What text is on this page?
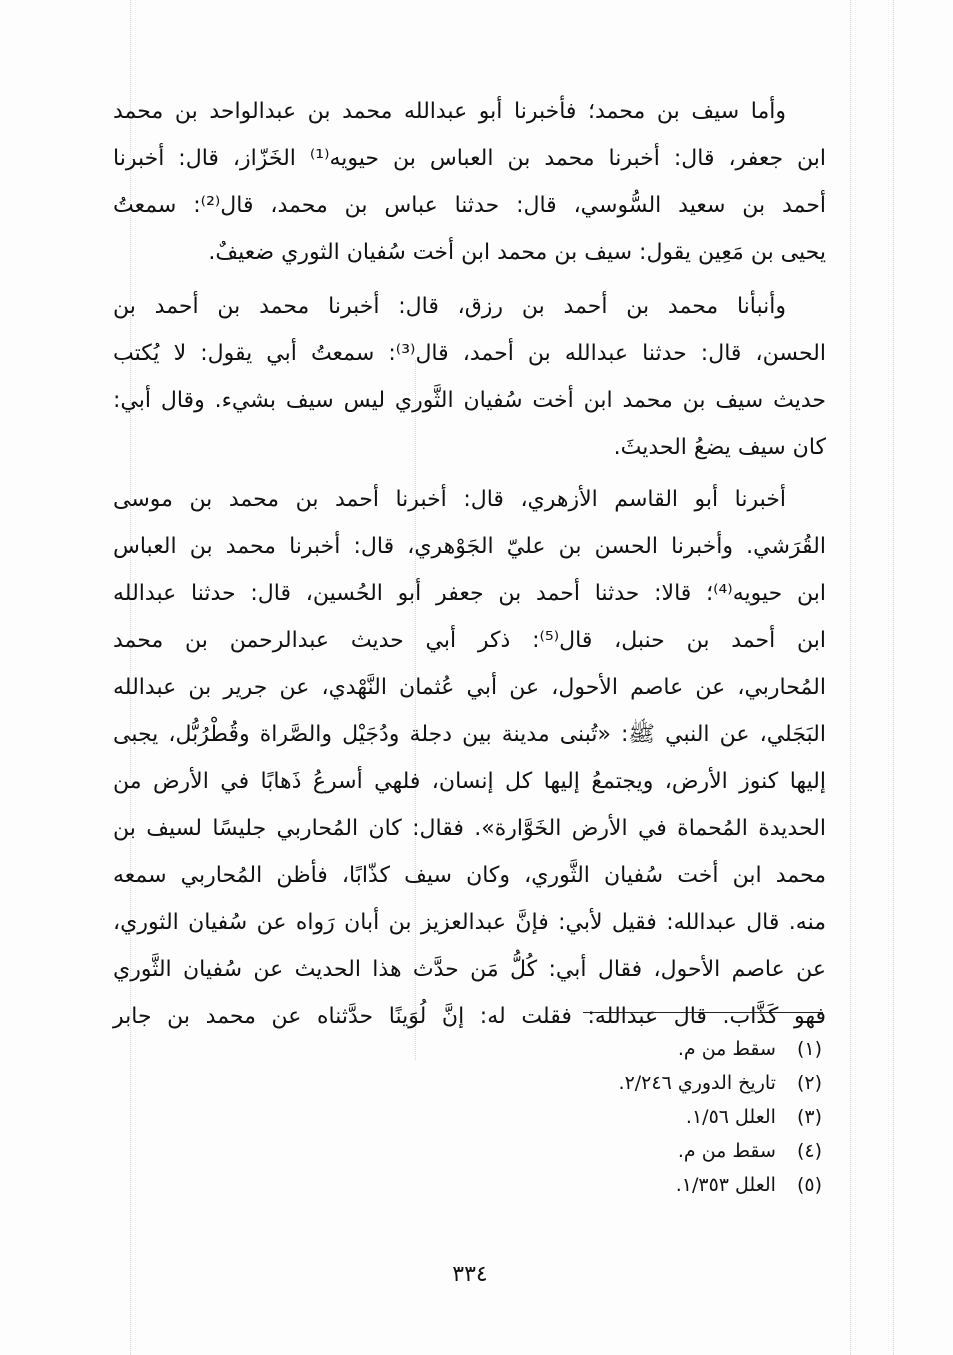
وأما سيف بن محمد؛ فأخبرنا أبو عبدالله محمد بن عبدالواحد بن محمد
ابن جعفر، قال: أخبرنا محمد بن العباس بن حيويه⁽¹⁾ الخَزّاز، قال: أخبرنا
أحمد بن سعيد السُّوسي، قال: حدثنا عباس بن محمد، قال⁽²⁾: سمعتُ
يحيى بن مَعِين يقول: سيف بن محمد ابن أخت سُفيان الثوري ضعيفٌ.
وأنبأنا محمد بن أحمد بن رزق، قال: أخبرنا محمد بن أحمد بن
الحسن، قال: حدثنا عبدالله بن أحمد، قال⁽³⁾: سمعتُ أبي يقول: لا يُكتب
حديث سيف بن محمد ابن أخت سُفيان الثَّوري ليس سيف بشيء. وقال أبي:
كان سيف يضعُ الحديثَ.
أخبرنا أبو القاسم الأزهري، قال: أخبرنا أحمد بن محمد بن موسى
القُرَشي. وأخبرنا الحسن بن عليّ الجَوْهري، قال: أخبرنا محمد بن العباس
ابن حيويه⁽⁴⁾؛ قالا: حدثنا أحمد بن جعفر أبو الحُسين، قال: حدثنا عبدالله
ابن أحمد بن حنبل، قال⁽⁵⁾: ذكر أبي حديث عبدالرحمن بن محمد
المُحاربي، عن عاصم الأحول، عن أبي عُثمان النَّهْدي، عن جرير بن عبدالله
البَجَلي، عن النبي ﷺ: «تُبنى مدينة بين دجلة ودُجَيْل والصَّراة وقُطْرُبُّل، يجبى
إليها كنوز الأرض، ويجتمعُ إليها كل إنسان، فلهي أسرعُ ذَهابًا في الأرض من
الحديدة المُحماة في الأرض الخَوَّارة». فقال: كان المُحاربي جليسًا لسيف بن
محمد ابن أخت سُفيان الثَّوري، وكان سيف كذّابًا، فأظن المُحاربي سمعه
منه. قال عبدالله: فقيل لأبي: فإنَّ عبدالعزيز بن أبان رَواه عن سُفيان الثوري،
عن عاصم الأحول، فقال أبي: كُلُّ مَن حدَّث هذا الحديث عن سُفيان الثَّوري
فهو كَذَّاب. قال عبدالله: فقلت له: إنَّ لُوَينًا حدَّثناه عن محمد بن جابر
(١) سقط من م.
(٢) تاريخ الدوري ٢/٢٤٦.
(٣) العلل ١/٥٦.
(٤) سقط من م.
(٥) العلل ١/٣٥٣.
٣٣٤
